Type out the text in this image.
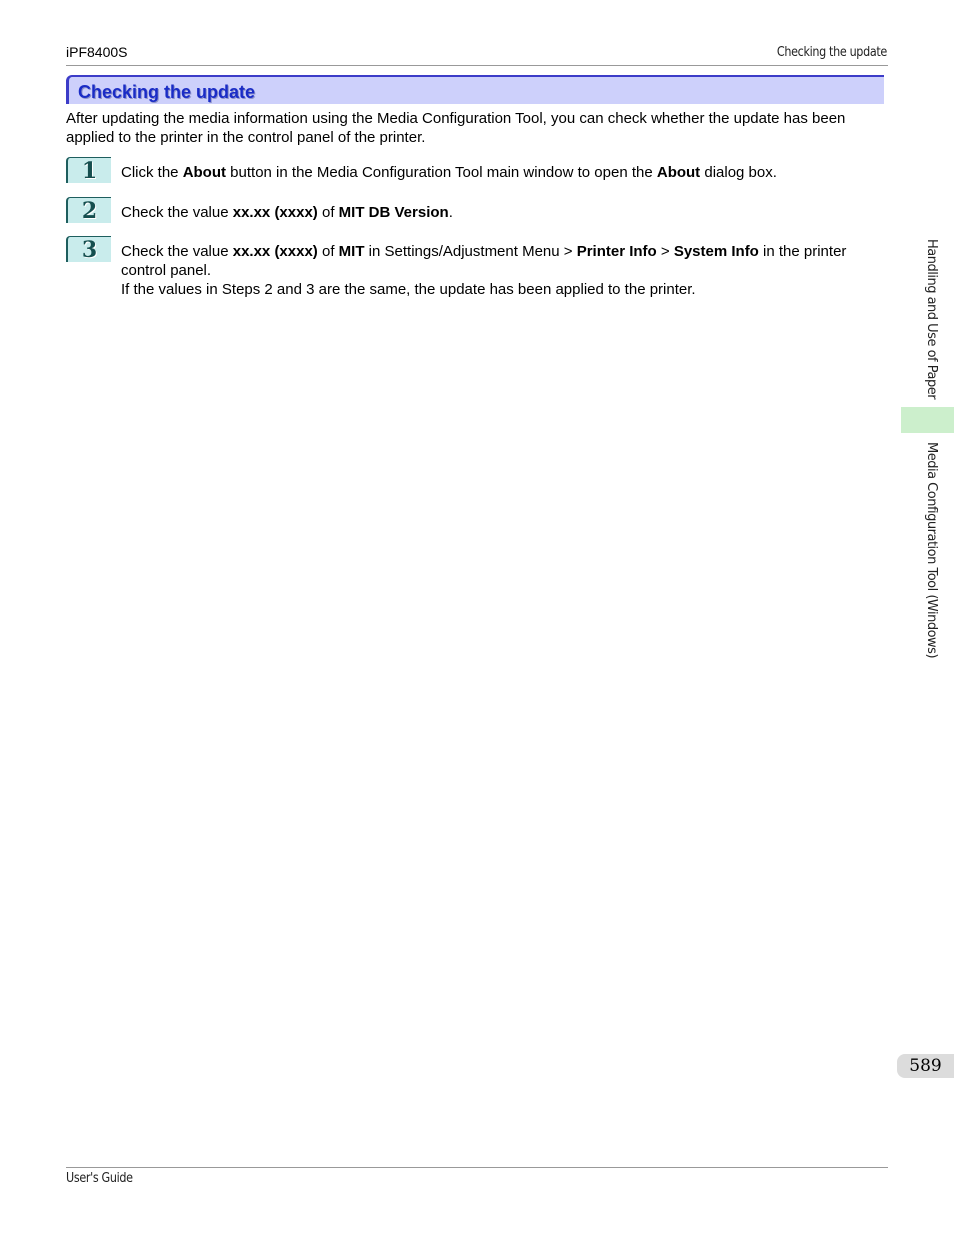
iPF8400S	Checking the update
Checking the update
After updating the media information using the Media Configuration Tool, you can check whether the update has been applied to the printer in the control panel of the printer.
1	Click the About button in the Media Configuration Tool main window to open the About dialog box.
2	Check the value xx.xx (xxxx) of MIT DB Version.
3	Check the value xx.xx (xxxx) of MIT in Settings/Adjustment Menu > Printer Info > System Info in the printer control panel.
If the values in Steps 2 and 3 are the same, the update has been applied to the printer.	Handling and Use of Paper
Media Configuration Tool (Windows)
589
User's Guide
